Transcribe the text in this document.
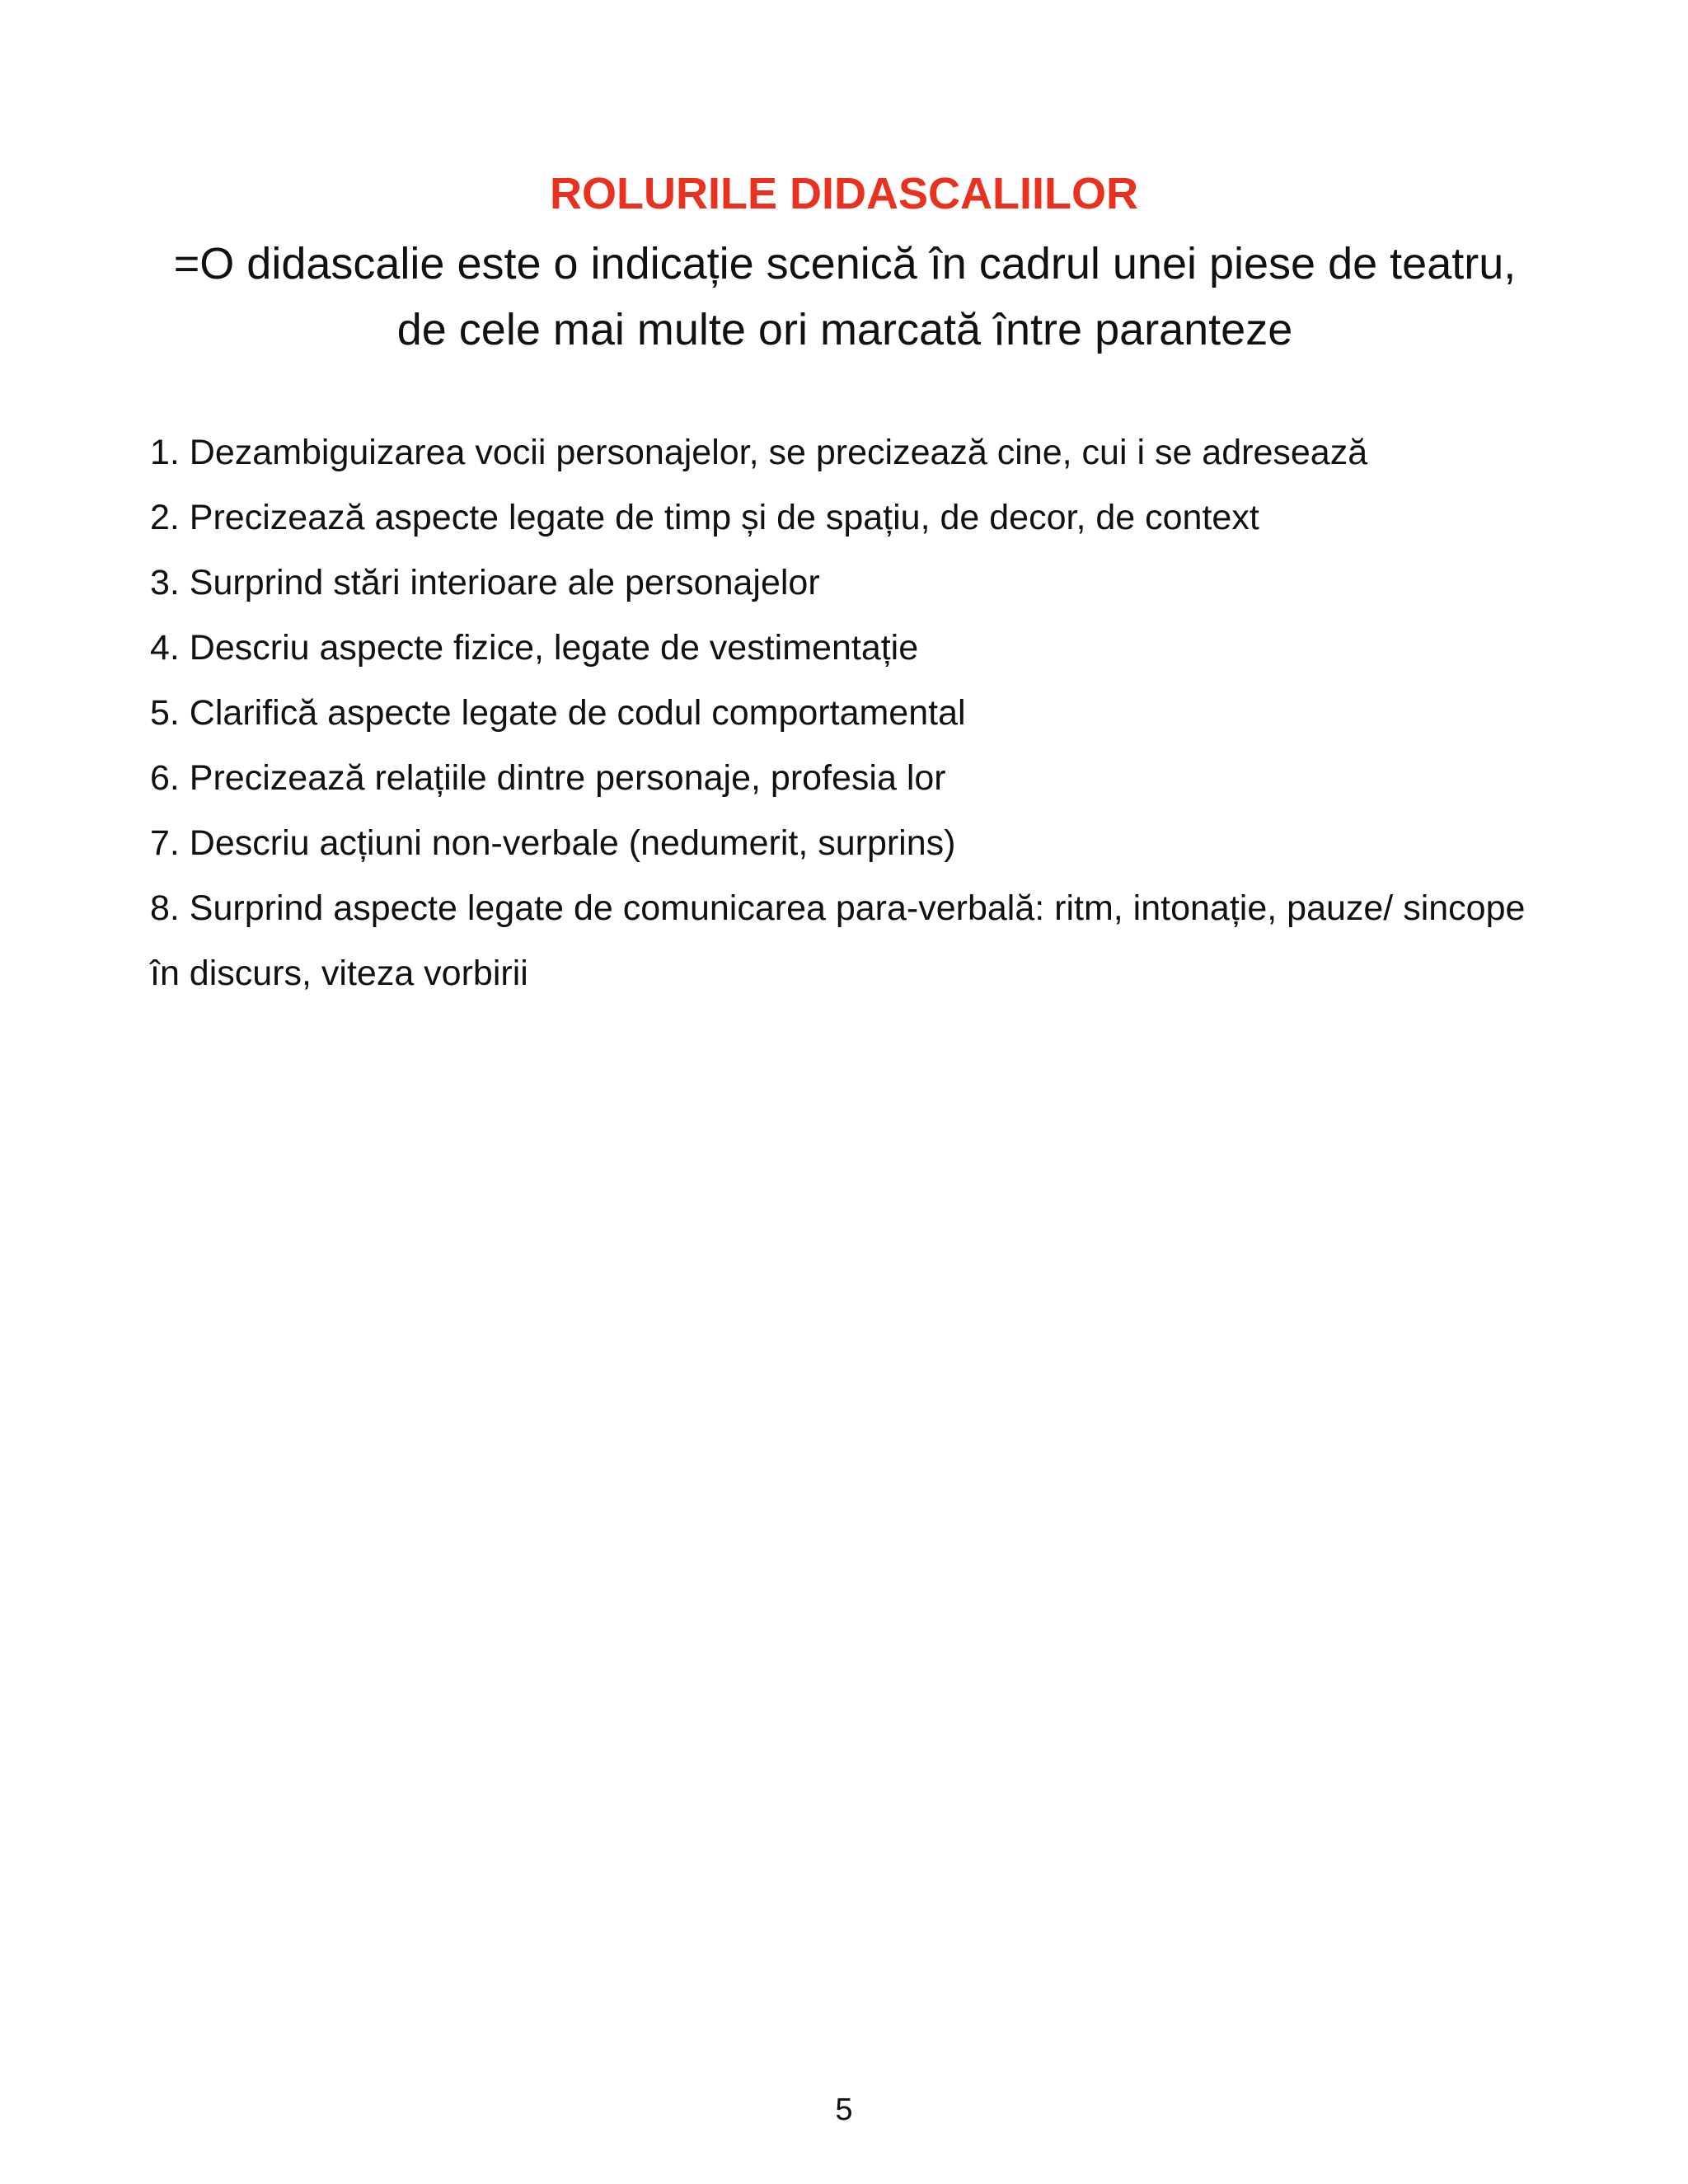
ROLURILE DIDASCALIILOR
=O didascalie este o indicație scenică în cadrul unei piese de teatru, de cele mai multe ori marcată între paranteze
1. Dezambiguizarea vocii personajelor, se precizează cine, cui i se adresează
2. Precizează aspecte legate de timp și de spațiu, de decor, de context
3. Surprind stări interioare ale personajelor
4. Descriu aspecte fizice, legate de vestimentație
5. Clarifică aspecte legate de codul comportamental
6. Precizează relațiile dintre personaje, profesia lor
7. Descriu acțiuni non-verbale (nedumerit, surprins)
8. Surprind aspecte legate de comunicarea para-verbală: ritm, intonație, pauze/ sincope în discurs, viteza vorbirii
5
